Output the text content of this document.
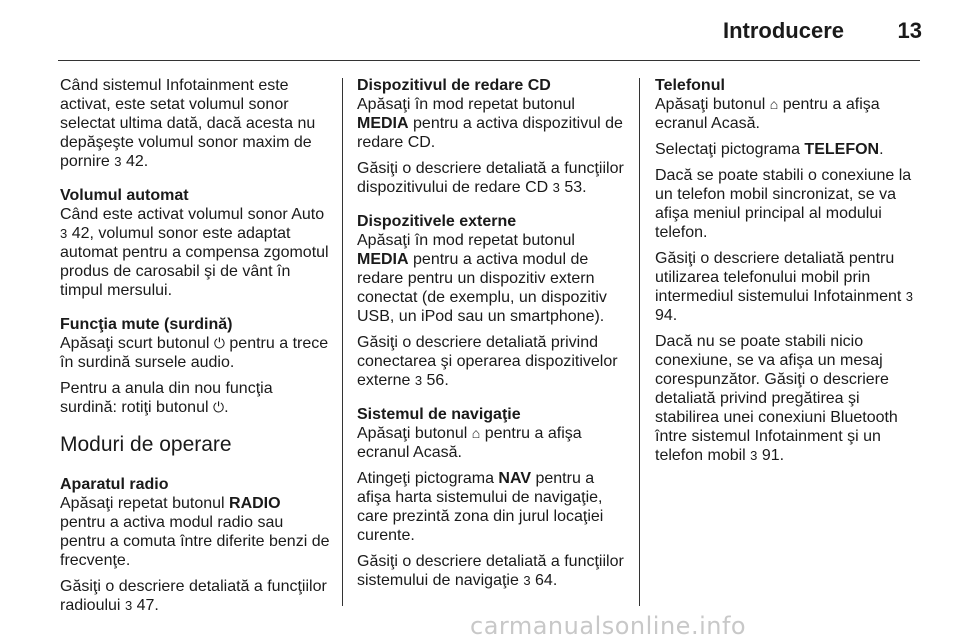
Introducere 13

Când sistemul Infotainment este activat, este setat volumul sonor selectat ultima dată, dacă acesta nu depăşeşte volumul sonor maxim de pornire 3 42.

Volumul automat

Când este activat volumul sonor Auto 3 42, volumul sonor este adaptat automat pentru a compensa zgomotul produs de carosabil şi de vânt în timpul mersului.

Funcţia mute (surdină)

Apăsaţi scurt butonul ⏻ pentru a trece în surdină sursele audio.

Pentru a anula din nou funcţia surdină: rotiţi butonul ⏻.

Moduri de operare
Aparatul radio

Apăsaţi repetat butonul RADIO pentru a activa modul radio sau pentru a comuta între diferite benzi de frecvenţe.

Găsiţi o descriere detaliată a funcţiilor radioului 3 47.

Dispozitivul de redare CD

Apăsaţi în mod repetat butonul MEDIA pentru a activa dispozitivul de redare CD.

Găsiţi o descriere detaliată a funcţiilor dispozitivului de redare CD 3 53.

Dispozitivele externe

Apăsaţi în mod repetat butonul MEDIA pentru a activa modul de redare pentru un dispozitiv extern conectat (de exemplu, un dispozitiv USB, un iPod sau un smartphone).

Găsiţi o descriere detaliată privind conectarea şi operarea dispozitivelor externe 3 56.

Sistemul de navigaţie

Apăsaţi butonul ⌂ pentru a afişa ecranul Acasă.

Atingeţi pictograma NAV pentru a afişa harta sistemului de navigaţie, care prezintă zona din jurul locaţiei curente.

Găsiţi o descriere detaliată a funcţiilor sistemului de navigaţie 3 64.

Telefonul

Apăsaţi butonul ⌂ pentru a afişa ecranul Acasă.

Selectaţi pictograma TELEFON.

Dacă se poate stabili o conexiune la un telefon mobil sincronizat, se va afişa meniul principal al modului telefon.

Găsiţi o descriere detaliată pentru utilizarea telefonului mobil prin intermediul sistemului Infotainment 3 94.

Dacă nu se poate stabili nicio conexiune, se va afişa un mesaj corespunzător. Găsiţi o descriere detaliată privind pregătirea şi stabilirea unei conexiuni Bluetooth între sistemul Infotainment şi un telefon mobil 3 91.

carmanualsonline.info
